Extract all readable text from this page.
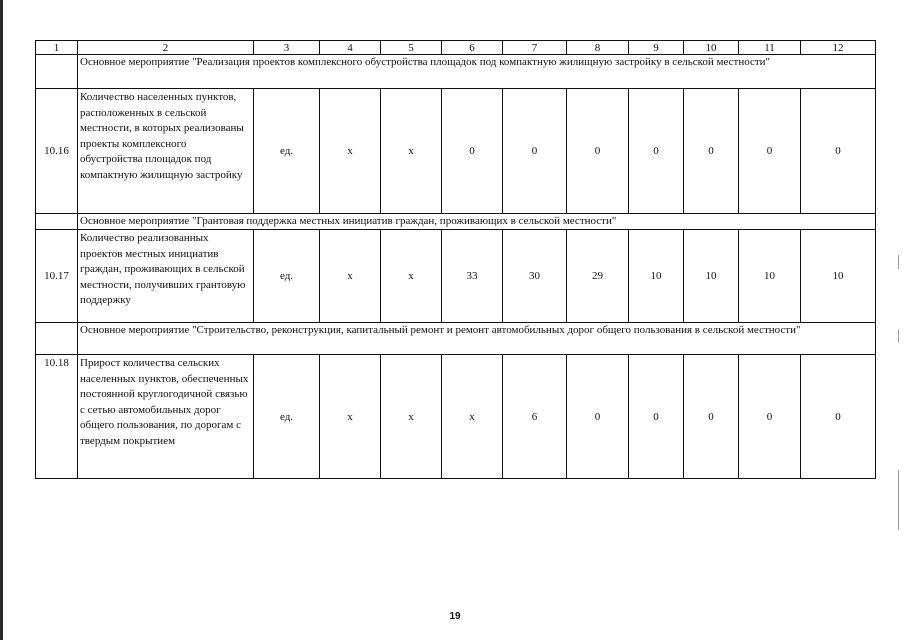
1	2	3	4	5	6	7	8	9	10	11	12
	Основное мероприятие "Реализация проектов комплексного обустройства площадок под компактную жилищную застройку в сельской местности"										
10.16	Количество населенных пунктов, расположенных в сельской местности, в которых реализованы проекты комплексного обустройства площадок под компактную жилищную застройку	ед.	х	х	0	0	0	0	0	0	0
	Основное мероприятие "Грантовая поддержка местных инициатив граждан, проживающих в сельской местности"										
10.17	Количество реализованных проектов местных инициатив граждан, проживающих в сельской местности, получивших грантовую поддержку	ед.	х	х	33	30	29	10	10	10	10
	Основное мероприятие "Строительство, реконструкция, капитальный ремонт и ремонт автомобильных дорог общего пользования в сельской местности"										
10.18	Прирост количества сельских населенных пунктов, обеспеченных постоянной круглогодичной связью с сетью автомобильных дорог общего пользования, по дорогам с твердым покрытием	ед.	х	х	х	6	0	0	0	0	0
19
